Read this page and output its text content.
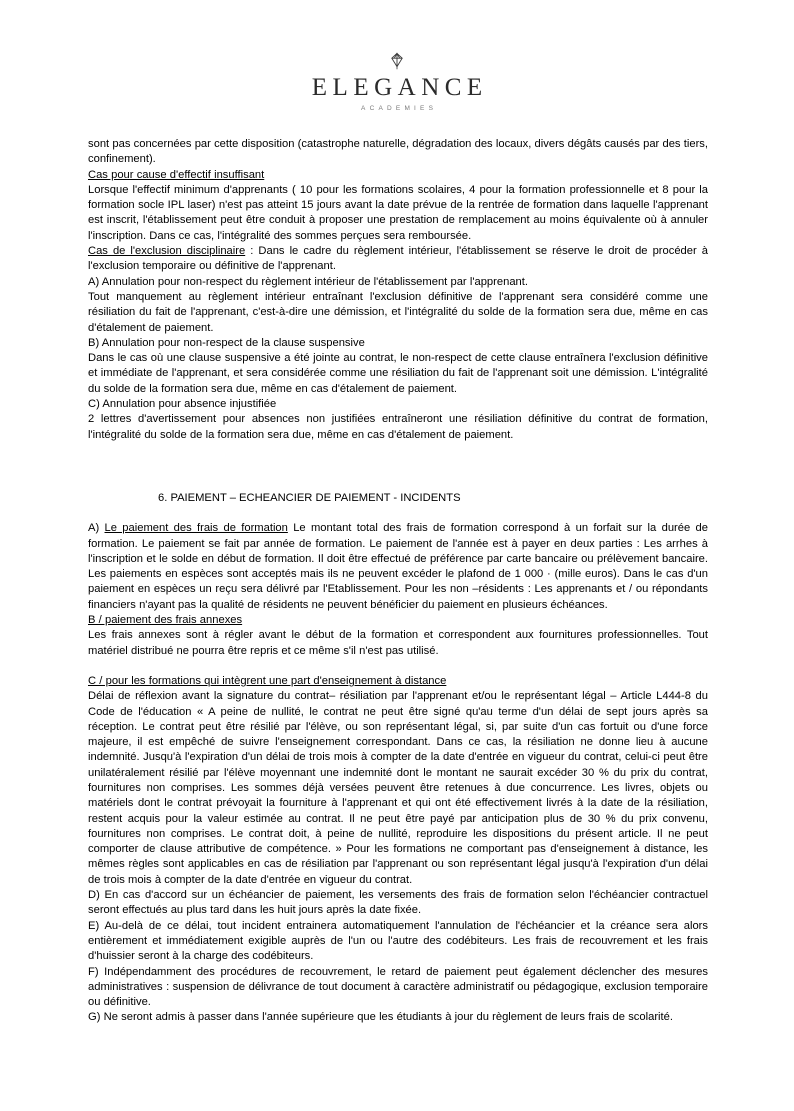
ELEGANCE
ACADEMIES

sont pas concernées par cette disposition (catastrophe naturelle, dégradation des locaux, divers dégâts causés par des tiers, confinement).

Cas pour cause d'effectif insuffisant

Lorsque l'effectif minimum d'apprenants ( 10 pour les formations scolaires, 4 pour la formation professionnelle et 8 pour la formation socle IPL laser) n'est pas atteint 15 jours avant la date prévue de la rentrée de formation dans laquelle l'apprenant est inscrit, l'établissement peut être conduit à proposer une prestation de remplacement au moins équivalente où à annuler l'inscription. Dans ce cas, l'intégralité des sommes perçues sera remboursée.

Cas de l'exclusion disciplinaire : Dans le cadre du règlement intérieur, l'établissement se réserve le droit de procéder à l'exclusion temporaire ou définitive de l'apprenant.

A) Annulation pour non-respect du règlement intérieur de l'établissement par l'apprenant.

Tout manquement au règlement intérieur entraînant l'exclusion définitive de l'apprenant sera considéré comme une résiliation du fait de l'apprenant, c'est-à-dire une démission, et l'intégralité du solde de la formation sera due, même en cas d'étalement de paiement.

B) Annulation pour non-respect de la clause suspensive

Dans le cas où une clause suspensive a été jointe au contrat, le non-respect de cette clause entraînera l'exclusion définitive et immédiate de l'apprenant, et sera considérée comme une résiliation du fait de l'apprenant soit une démission. L'intégralité du solde de la formation sera due, même en cas d'étalement de paiement.

C) Annulation pour absence injustifiée

2 lettres d'avertissement pour absences non justifiées entraîneront une résiliation définitive du contrat de formation, l'intégralité du solde de la formation sera due, même en cas d'étalement de paiement.

6. PAIEMENT – ECHEANCIER DE PAIEMENT - INCIDENTS

A) Le paiement des frais de formation Le montant total des frais de formation correspond à un forfait sur la durée de formation. Le paiement se fait par année de formation. Le paiement de l'année est à payer en deux parties : Les arrhes à l'inscription et le solde en début de formation. Il doit être effectué de préférence par carte bancaire ou prélèvement bancaire. Les paiements en espèces sont acceptés mais ils ne peuvent excéder le plafond de 1 000 · (mille euros). Dans le cas d'un paiement en espèces un reçu sera délivré par l'Etablissement. Pour les non –résidents : Les apprenants et / ou répondants financiers n'ayant pas la qualité de résidents ne peuvent bénéficier du paiement en plusieurs échéances.

B / paiement des frais annexes

Les frais annexes sont à régler avant le début de la formation et correspondent aux fournitures professionnelles. Tout matériel distribué ne pourra être repris et ce même s'il n'est pas utilisé.

C / pour les formations qui intègrent une part d'enseignement à distance

Délai de réflexion avant la signature du contrat– résiliation par l'apprenant et/ou le représentant légal – Article L444-8 du Code de l'éducation « A peine de nullité, le contrat ne peut être signé qu'au terme d'un délai de sept jours après sa réception. Le contrat peut être résilié par l'élève, ou son représentant légal, si, par suite d'un cas fortuit ou d'une force majeure, il est empêché de suivre l'enseignement correspondant. Dans ce cas, la résiliation ne donne lieu à aucune indemnité. Jusqu'à l'expiration d'un délai de trois mois à compter de la date d'entrée en vigueur du contrat, celui-ci peut être unilatéralement résilié par l'élève moyennant une indemnité dont le montant ne saurait excéder 30 % du prix du contrat, fournitures non comprises. Les sommes déjà versées peuvent être retenues à due concurrence. Les livres, objets ou matériels dont le contrat prévoyait la fourniture à l'apprenant et qui ont été effectivement livrés à la date de la résiliation, restent acquis pour la valeur estimée au contrat. Il ne peut être payé par anticipation plus de 30 % du prix convenu, fournitures non comprises. Le contrat doit, à peine de nullité, reproduire les dispositions du présent article. Il ne peut comporter de clause attributive de compétence. » Pour les formations ne comportant pas d'enseignement à distance, les mêmes règles sont applicables en cas de résiliation par l'apprenant ou son représentant légal jusqu'à l'expiration d'un délai de trois mois à compter de la date d'entrée en vigueur du contrat.

D) En cas d'accord sur un échéancier de paiement, les versements des frais de formation selon l'échéancier contractuel seront effectués au plus tard dans les huit jours après la date fixée.

E) Au-delà de ce délai, tout incident entrainera automatiquement l'annulation de l'échéancier et la créance sera alors entièrement et immédiatement exigible auprès de l'un ou l'autre des codébiteurs. Les frais de recouvrement et les frais d'huissier seront à la charge des codébiteurs.

F) Indépendamment des procédures de recouvrement, le retard de paiement peut également déclencher des mesures administratives : suspension de délivrance de tout document à caractère administratif ou pédagogique, exclusion temporaire ou définitive.

G) Ne seront admis à passer dans l'année supérieure que les étudiants à jour du règlement de leurs frais de scolarité.
